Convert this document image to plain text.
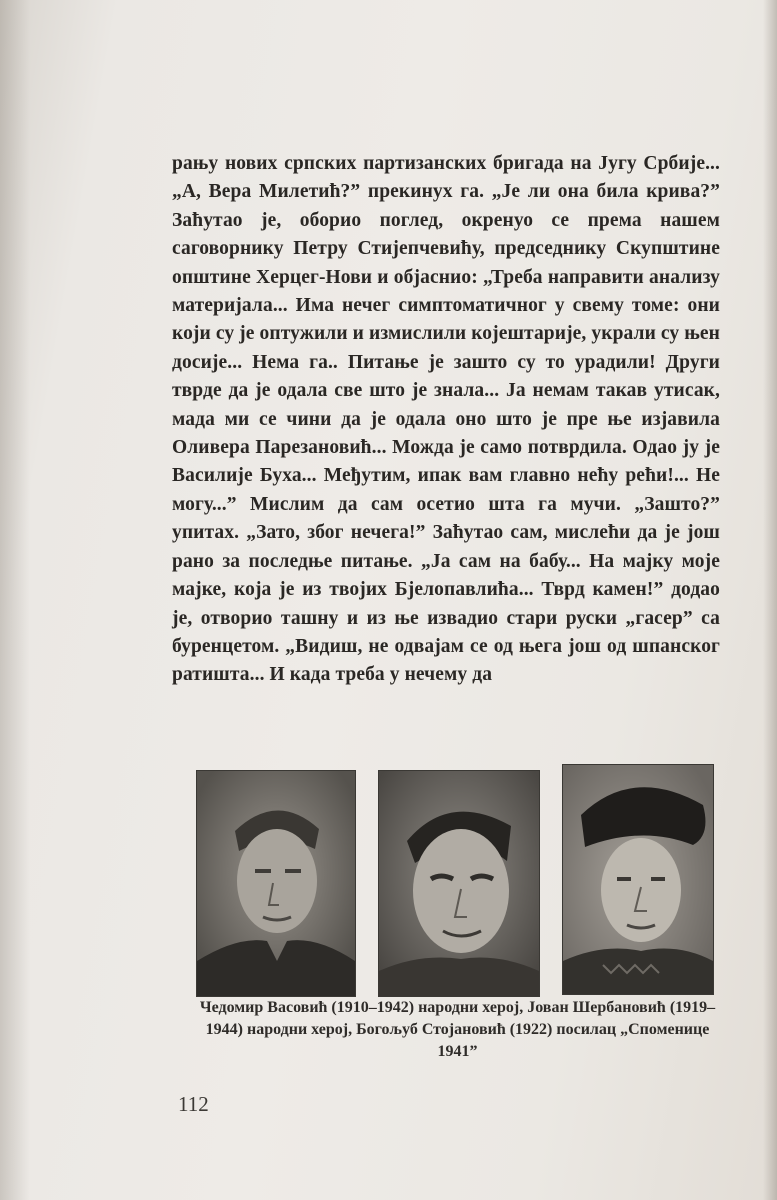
рању нових српских партизанских бригада на Југу Србије... „А, Вера Милетић?” прекинух га. „Је ли она била крива?” Заћутао је, оборио поглед, окренуо се према нашем саговорнику Петру Стијепчевићу, председнику Скупштине општине Херцег-Нови и објаснио: „Треба направити анализу материјала... Има нечег симптоматичног у свему томе: они који су је оптужили и измислили којештарије, украли су њен досије... Нема га.. Питање је зашто су то урадили! Други тврде да је одала све што је знала... Ја немам такав утисак, мада ми се чини да је одала оно што је пре ње изјавила Оливера Парезановић... Можда је само потврдила. Одао ју је Василије Буха... Међутим, ипак вам главно нећу рећи!... Не могу...” Мислим да сам осетио шта га мучи. „Зашто?” упитах. „Зато, због нечега!” Заћутао сам, мислећи да је још рано за последње питање. „Ја сам на бабу... На мајку моје мајке, која је из твојих Бјелопавлића... Тврд камен!” додао је, отворио ташну и из ње извадио стари руски „гасер” са буренцетом. „Видиш, не одвајам се од њега још од шпанског ратишта... И када треба у нечему да

Чедомир Васовић (1910–1942) народни херој, Јован Шербановић (1919–1944) народни херој, Богољуб Стојановић (1922) посилац „Споменице 1941”

112
